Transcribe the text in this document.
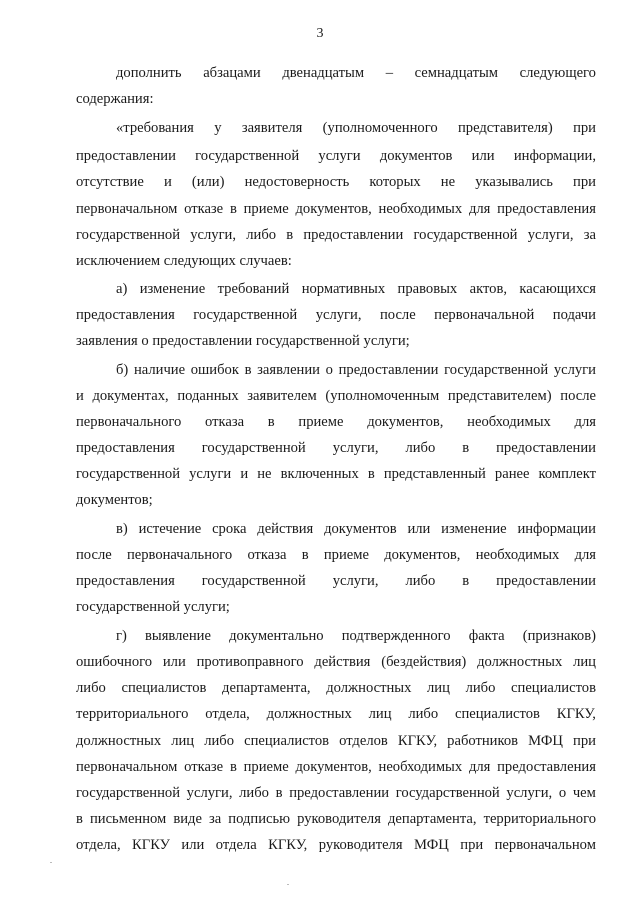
3
дополнить абзацами двенадцатым – семнадцатым следующего
содержания:
«требования у заявителя (уполномоченного представителя) при
предоставлении государственной услуги документов или информации,
отсутствие и (или) недостоверность которых не указывались при
первоначальном отказе в приеме документов, необходимых для предоставления
государственной услуги, либо в предоставлении государственной услуги, за
исключением следующих случаев:
а) изменение требований нормативных правовых актов, касающихся
предоставления государственной услуги, после первоначальной подачи
заявления о предоставлении государственной услуги;
б) наличие ошибок в заявлении о предоставлении государственной услуги
и документах, поданных заявителем (уполномоченным представителем) после
первоначального отказа в приеме документов, необходимых для
предоставления государственной услуги, либо в предоставлении
государственной услуги и не включенных в представленный ранее комплект
документов;
в) истечение срока действия документов или изменение информации
после первоначального отказа в приеме документов, необходимых для
предоставления государственной услуги, либо в предоставлении
государственной услуги;
г) выявление документально подтвержденного факта (признаков)
ошибочного или противоправного действия (бездействия) должностных лиц
либо специалистов департамента, должностных лиц либо специалистов
территориального отдела, должностных лиц либо специалистов КГКУ,
должностных лиц либо специалистов отделов КГКУ, работников МФЦ при
первоначальном отказе в приеме документов, необходимых для предоставления
государственной услуги, либо в предоставлении государственной услуги, о чем
в письменном виде за подписью руководителя департамента, территориального
отдела, КГКУ или отдела КГКУ, руководителя МФЦ при первоначальном
